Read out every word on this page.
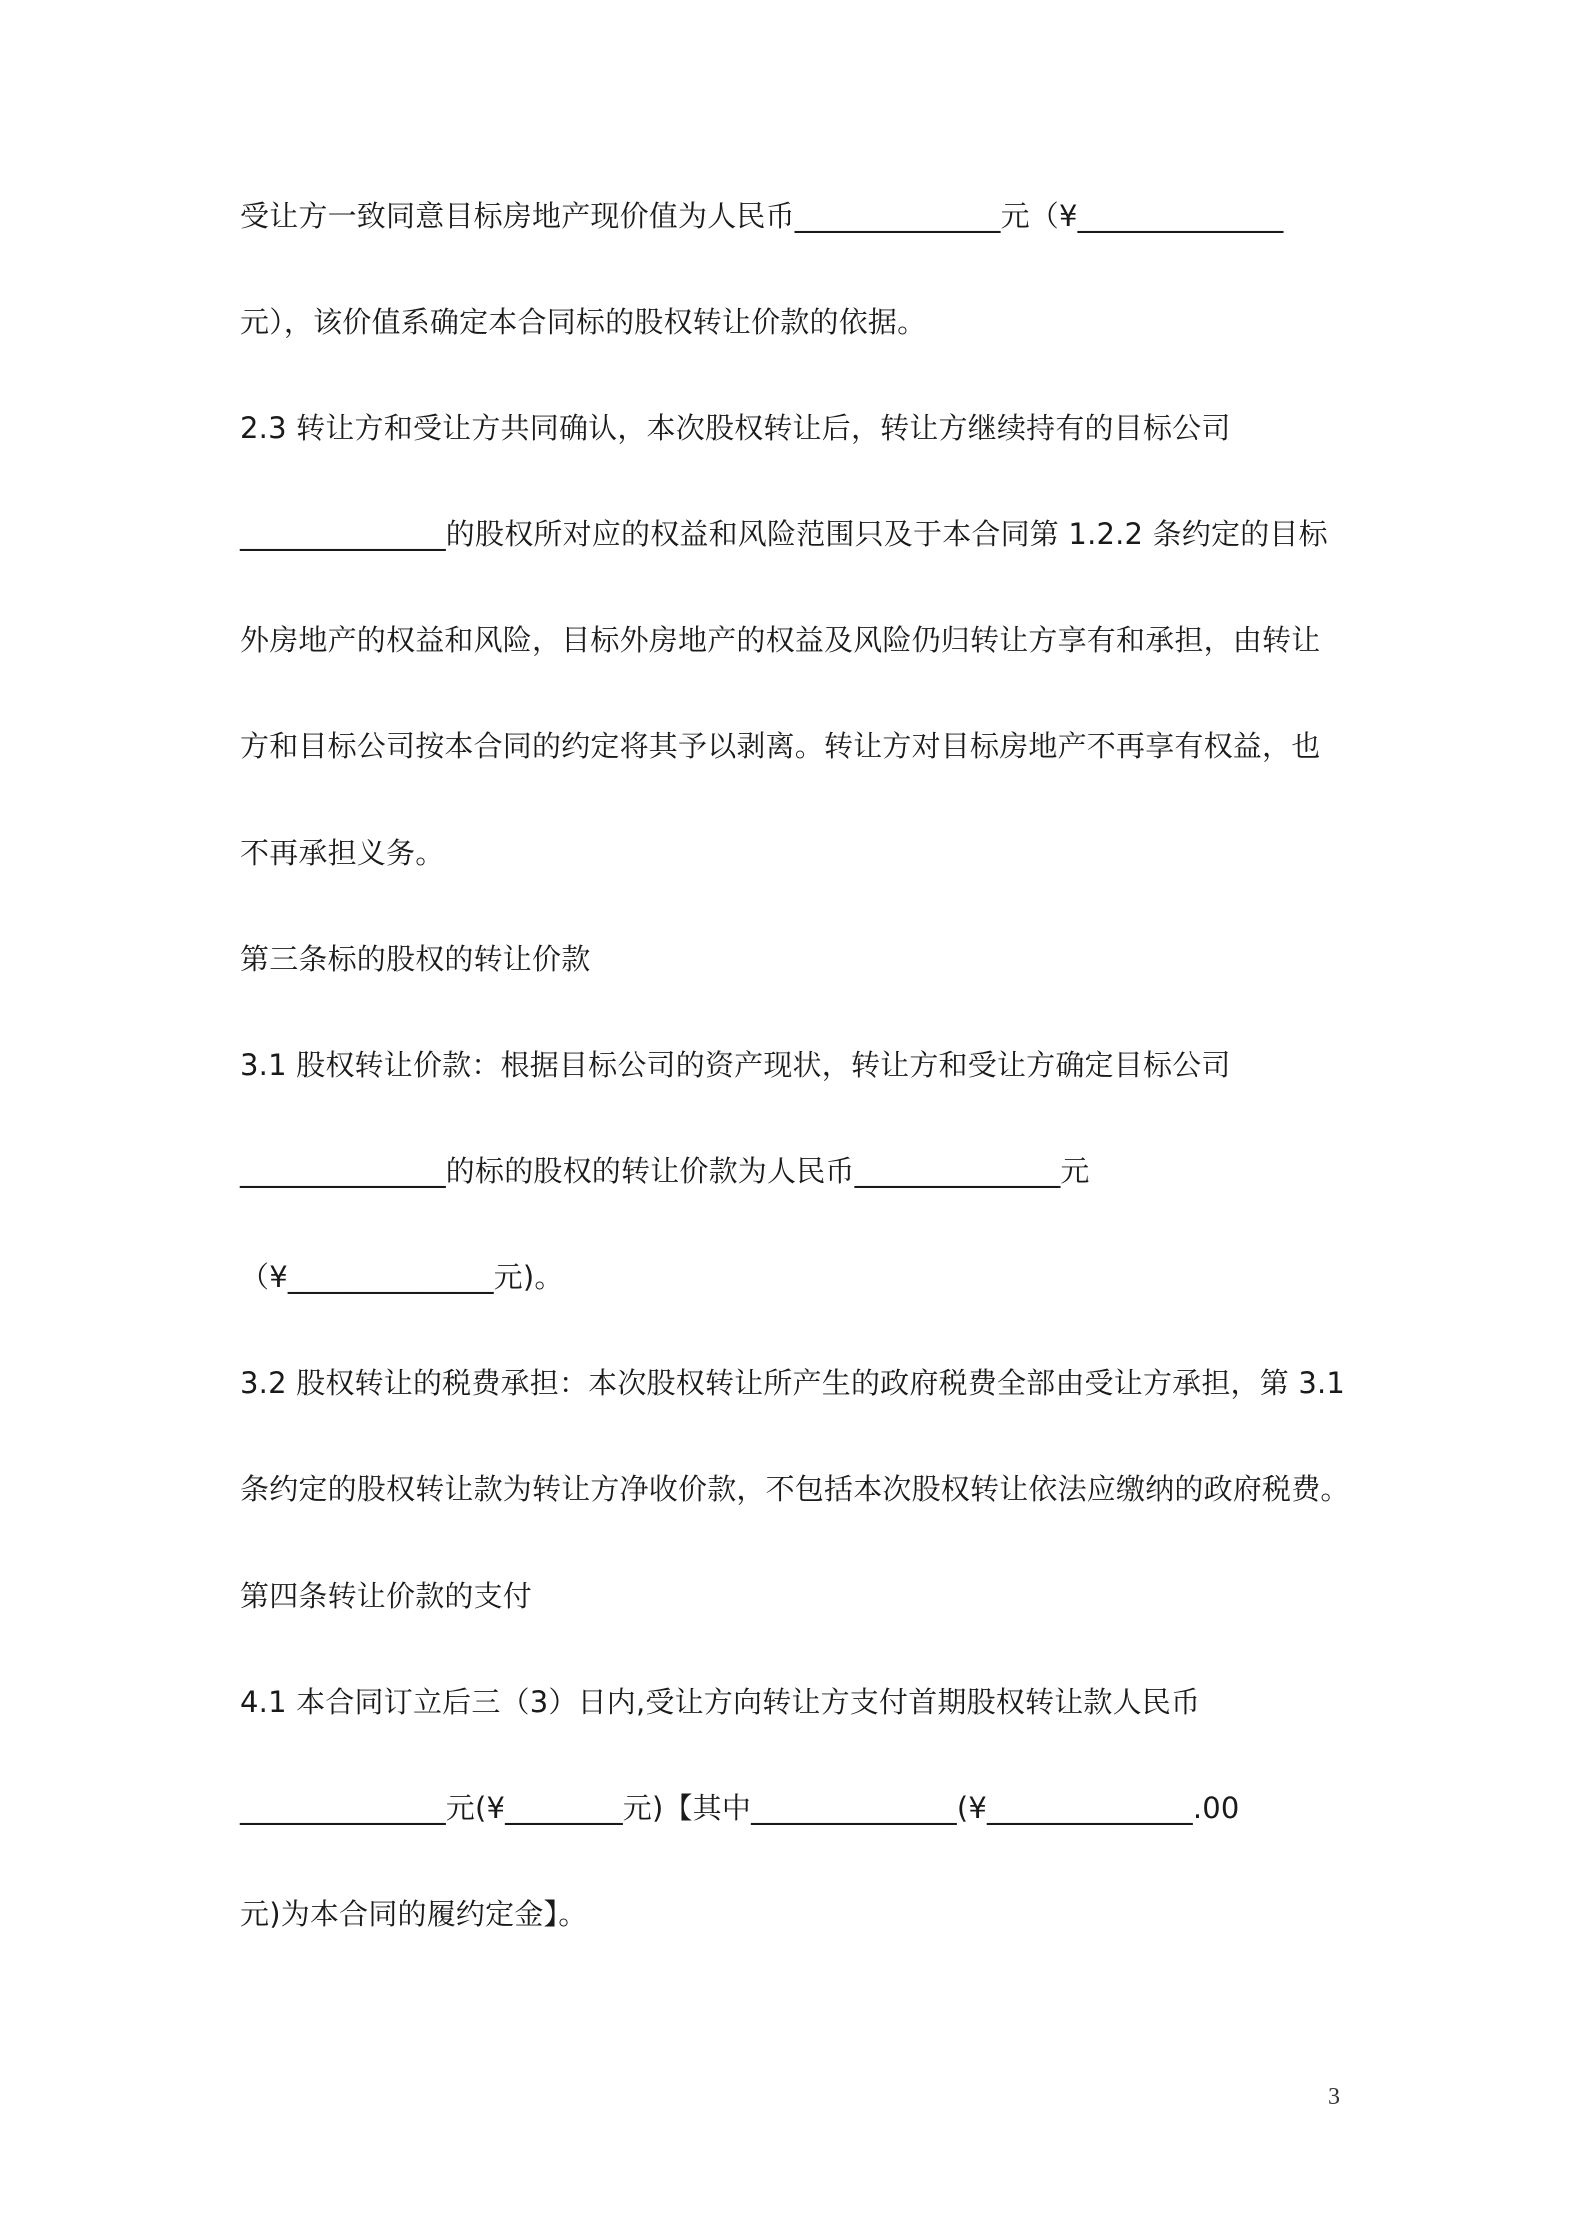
受让方一致同意目标房地产现价值为人民币______________元（¥______________
元），该价值系确定本合同标的股权转让价款的依据。
2.3 转让方和受让方共同确认，本次股权转让后，转让方继续持有的目标公司
______________的股权所对应的权益和风险范围只及于本合同第 1.2.2 条约定的目标
外房地产的权益和风险，目标外房地产的权益及风险仍归转让方享有和承担，由转让
方和目标公司按本合同的约定将其予以剥离。转让方对目标房地产不再享有权益，也
不再承担义务。
第三条标的股权的转让价款
3.1 股权转让价款：根据目标公司的资产现状，转让方和受让方确定目标公司
______________的标的股权的转让价款为人民币______________元
（¥______________元)。
3.2 股权转让的税费承担：本次股权转让所产生的政府税费全部由受让方承担，第 3.1
条约定的股权转让款为转让方净收价款，不包括本次股权转让依法应缴纳的政府税费。
第四条转让价款的支付
4.1 本合同订立后三（3）日内,受让方向转让方支付首期股权转让款人民币
______________元(¥________元)【其中______________(¥______________.00
元)为本合同的履约定金】。
3
